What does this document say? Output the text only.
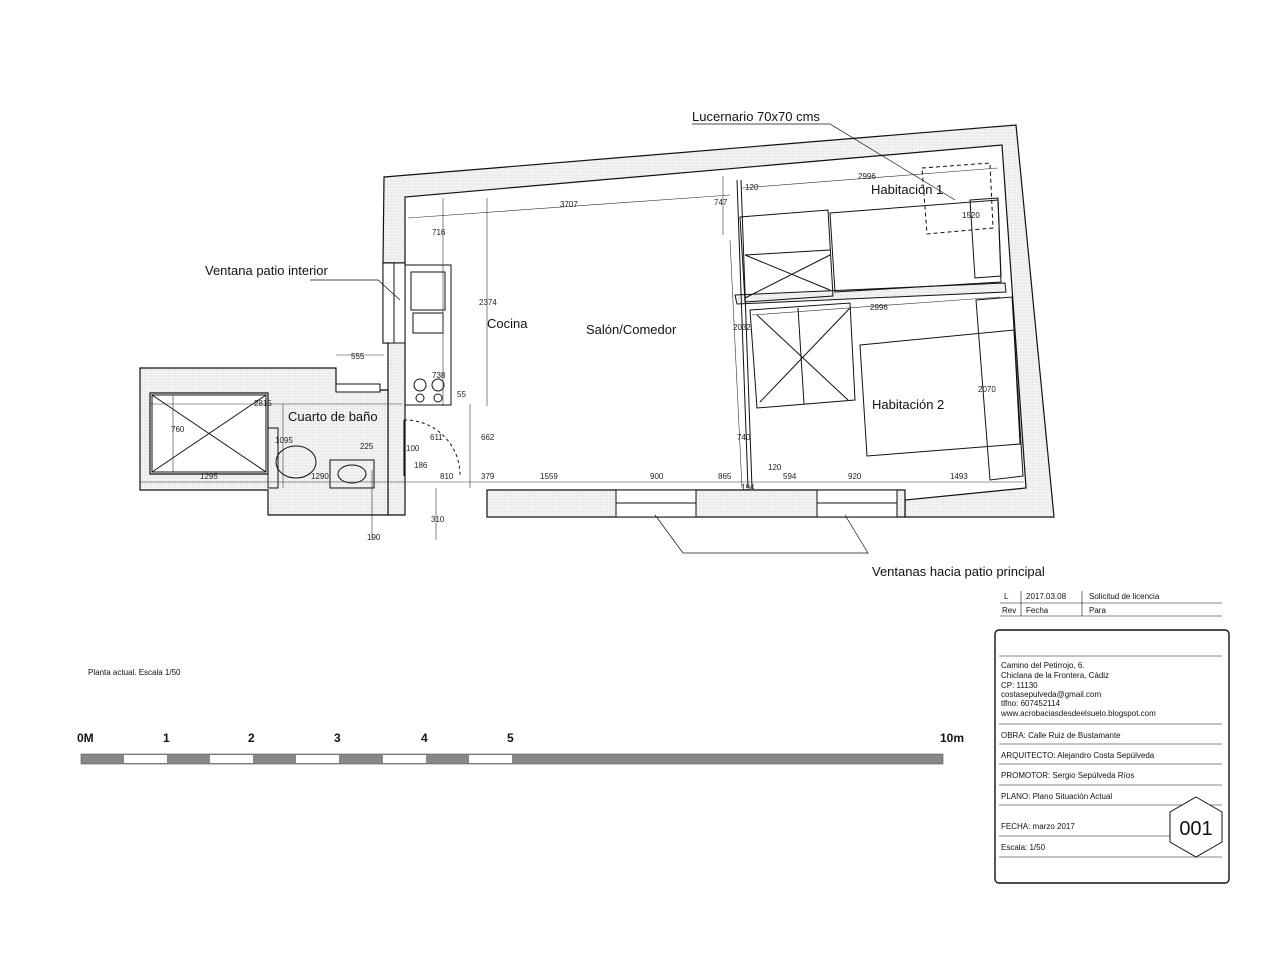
Habitación 1
Habitación 2
Cocina	Salón/Comedor
Cuarto de baño
Lucernario 70x70 cms
Ventana patio interior
Ventanas hacia patio principal
3707
2996
2996
747
120
716
2374
555
738
55
2815
760
1095
1295	1290
225	100
611	662
186
810	379	1559	900	865
194
120
594	920	1493
2032
740
1520
2070
310
190
Planta actual. Escala 1/50
0M	1	2	3	4	5	10m
L 2017.03.08	Solicitud de licencia
Rev Fecha	Para
Camino del Petirrojo, 6.
Chiclana de la Frontera, Cádiz
CP: 11130
costasepulveda@gmail.com
tlfno: 607452114
www.acrobaciasdesdeelsuelo.blogspot.com
OBRA: Calle Ruiz de Bustamante
ARQUITECTO: Alejandro Costa Sepúlveda
PROMOTOR: Sergio Sepúlveda Ríos
PLANO: Plano Situación Actual
FECHA: marzo 2017
Escala: 1/50
001
